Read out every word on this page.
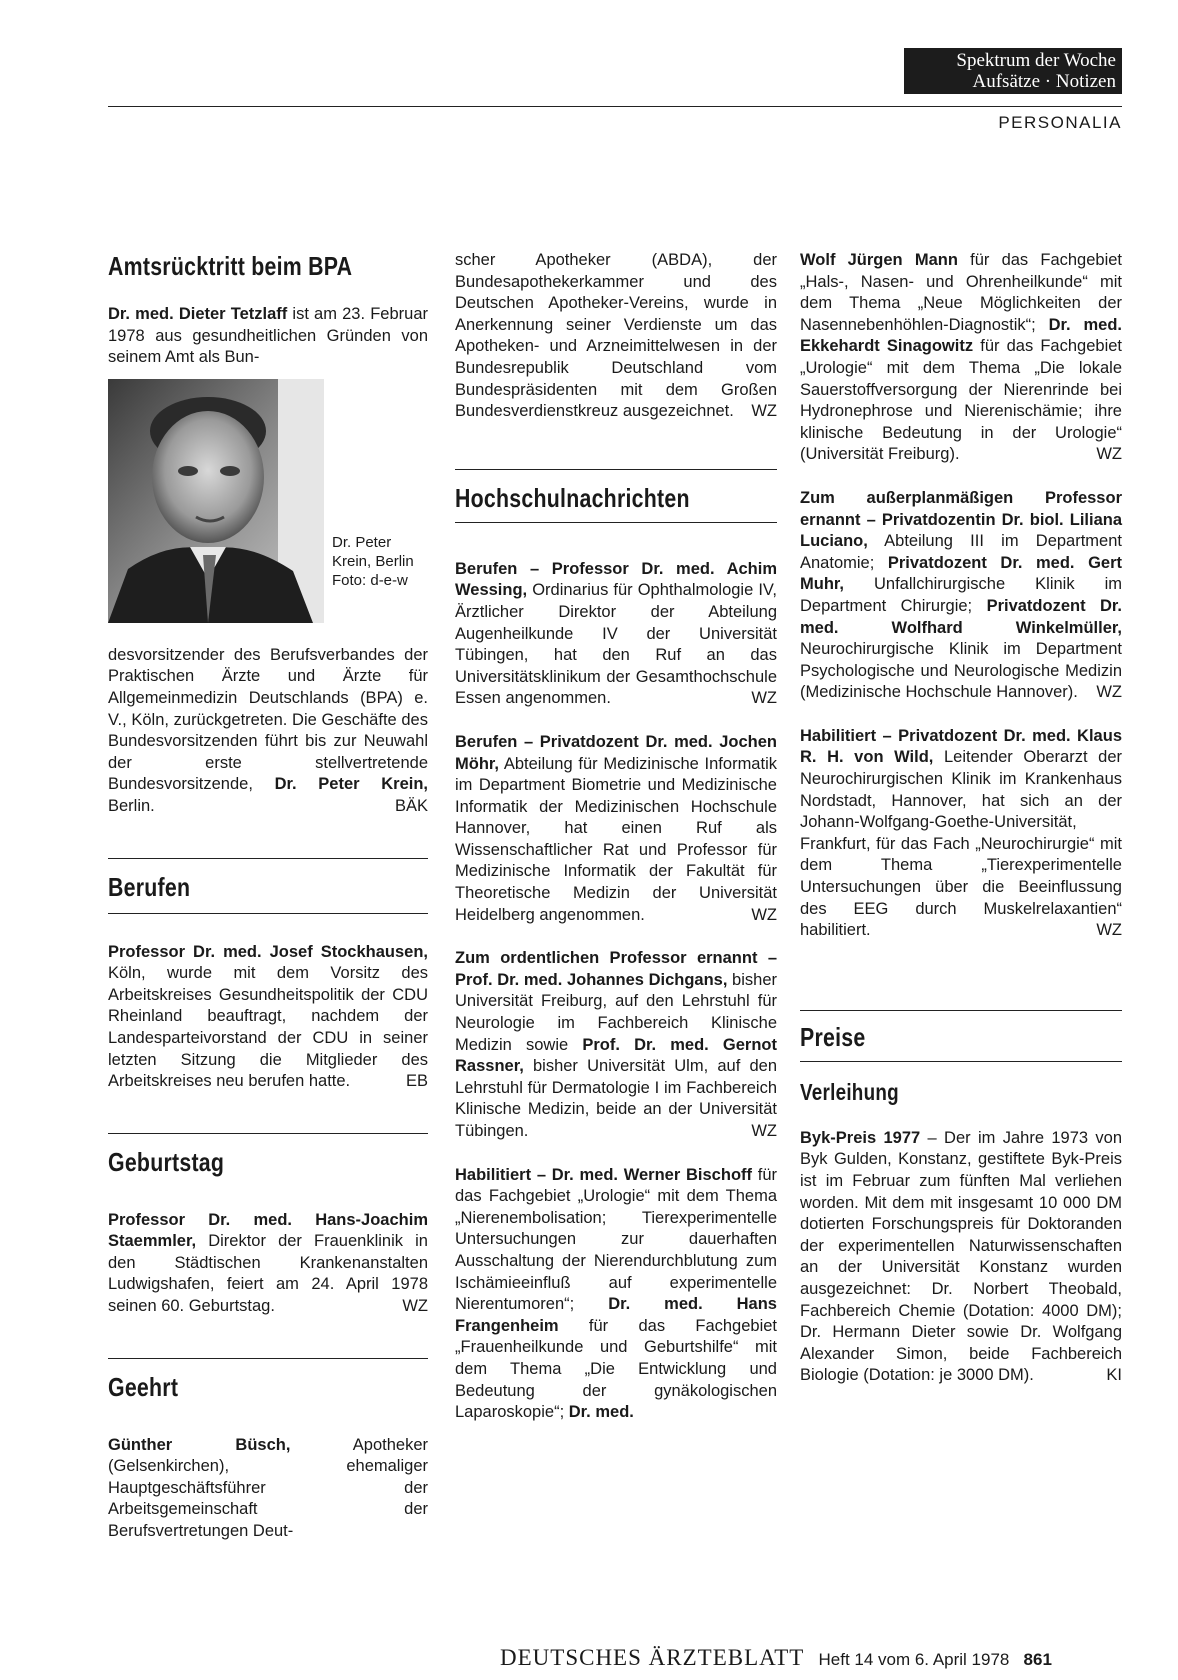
Spektrum der Woche
Aufsätze · Notizen
PERSONALIA
Amtsrücktritt beim BPA

Dr. med. Dieter Tetzlaff ist am 23. Februar 1978 aus gesundheitlichen Gründen von seinem Amt als Bun-

Dr. Peter Krein, Berlin Foto: d-e-w

desvorsitzender des Berufsverbandes der Praktischen Ärzte und Ärzte für Allgemeinmedizin Deutschlands (BPA) e. V., Köln, zurückgetreten. Die Geschäfte des Bundesvorsitzenden führt bis zur Neuwahl der erste stellvertretende Bundesvorsitzende, Dr. Peter Krein, Berlin.	BÄK

Berufen

Professor Dr. med. Josef Stockhausen, Köln, wurde mit dem Vorsitz des Arbeitskreises Gesundheitspolitik der CDU Rheinland beauftragt, nachdem der Landesparteivorstand der CDU in seiner letzten Sitzung die Mitglieder des Arbeitskreises neu berufen hatte.	EB

Geburtstag

Professor Dr. med. Hans-Joachim Staemmler, Direktor der Frauenklinik in den Städtischen Krankenanstalten Ludwigshafen, feiert am 24. April 1978 seinen 60. Geburtstag.	WZ

Geehrt

Günther Büsch, Apotheker (Gelsenkirchen), ehemaliger Hauptgeschäftsführer der Arbeitsgemeinschaft der Berufsvertretungen Deut-

scher Apotheker (ABDA), der Bundesapothekerkammer und des Deutschen Apotheker-Vereins, wurde in Anerkennung seiner Verdienste um das Apotheken- und Arzneimittelwesen in der Bundesrepublik Deutschland vom Bundespräsidenten mit dem Großen Bundesverdienstkreuz ausgezeichnet. WZ

Hochschulnachrichten

Berufen – Professor Dr. med. Achim Wessing, Ordinarius für Ophthalmologie IV, Ärztlicher Direktor der Abteilung Augenheilkunde IV der Universität Tübingen, hat den Ruf an das Universitätsklinikum der Gesamthochschule Essen angenommen.	WZ

Berufen – Privatdozent Dr. med. Jochen Möhr, Abteilung für Medizinische Informatik im Department Biometrie und Medizinische Informatik der Medizinischen Hochschule Hannover, hat einen Ruf als Wissenschaftlicher Rat und Professor für Medizinische Informatik der Fakultät für Theoretische Medizin der Universität Heidelberg angenommen.	WZ

Zum ordentlichen Professor ernannt – Prof. Dr. med. Johannes Dichgans, bisher Universität Freiburg, auf den Lehrstuhl für Neurologie im Fachbereich Klinische Medizin sowie Prof. Dr. med. Gernot Rassner, bisher Universität Ulm, auf den Lehrstuhl für Dermatologie I im Fachbereich Klinische Medizin, beide an der Universität Tübingen.	WZ

Habilitiert – Dr. med. Werner Bischoff für das Fachgebiet „Urologie“ mit dem Thema „Nierenembolisation; Tierexperimentelle Untersuchungen zur dauerhaften Ausschaltung der Nierendurchblutung zum Ischämieeinfluß auf experimentelle Nierentumoren“; Dr. med. Hans Frangenheim für das Fachgebiet „Frauenheilkunde und Geburtshilfe“ mit dem Thema „Die Entwicklung und Bedeutung der gynäkologischen Laparoskopie“; Dr. med.

Wolf Jürgen Mann für das Fachgebiet „Hals-, Nasen- und Ohrenheilkunde“ mit dem Thema „Neue Möglichkeiten der Nasennebenhöhlen-Diagnostik“; Dr. med. Ekkehardt Sinagowitz für das Fachgebiet „Urologie“ mit dem Thema „Die lokale Sauerstoffversorgung der Nierenrinde bei Hydronephrose und Nierenischämie; ihre klinische Bedeutung in der Urologie“ (Universität Freiburg).	WZ

Zum außerplanmäßigen Professor ernannt – Privatdozentin Dr. biol. Liliana Luciano, Abteilung III im Department Anatomie; Privatdozent Dr. med. Gert Muhr, Unfallchirurgische Klinik im Department Chirurgie; Privatdozent Dr. med. Wolfhard Winkelmüller, Neurochirurgische Klinik im Department Psychologische und Neurologische Medizin (Medizinische Hochschule Hannover). WZ

Habilitiert – Privatdozent Dr. med. Klaus R. H. von Wild, Leitender Oberarzt der Neurochirurgischen Klinik im Krankenhaus Nordstadt, Hannover, hat sich an der Johann-Wolfgang-Goethe-Universität, Frankfurt, für das Fach „Neurochirurgie“ mit dem Thema „Tierexperimentelle Untersuchungen über die Beeinflussung des EEG durch Muskelrelaxantien“ habilitiert.	WZ

Preise
Verleihung

Byk-Preis 1977 – Der im Jahre 1973 von Byk Gulden, Konstanz, gestiftete Byk-Preis ist im Februar zum fünften Mal verliehen worden. Mit dem mit insgesamt 10 000 DM dotierten Forschungspreis für Doktoranden der experimentellen Naturwissenschaften an der Universität Konstanz wurden ausgezeichnet: Dr. Norbert Theobald, Fachbereich Chemie (Dotation: 4000 DM); Dr. Hermann Dieter sowie Dr. Wolfgang Alexander Simon, beide Fachbereich Biologie (Dotation: je 3000 DM).	KI

DEUTSCHES ÄRZTEBLATT Heft 14 vom 6. April 1978 861
